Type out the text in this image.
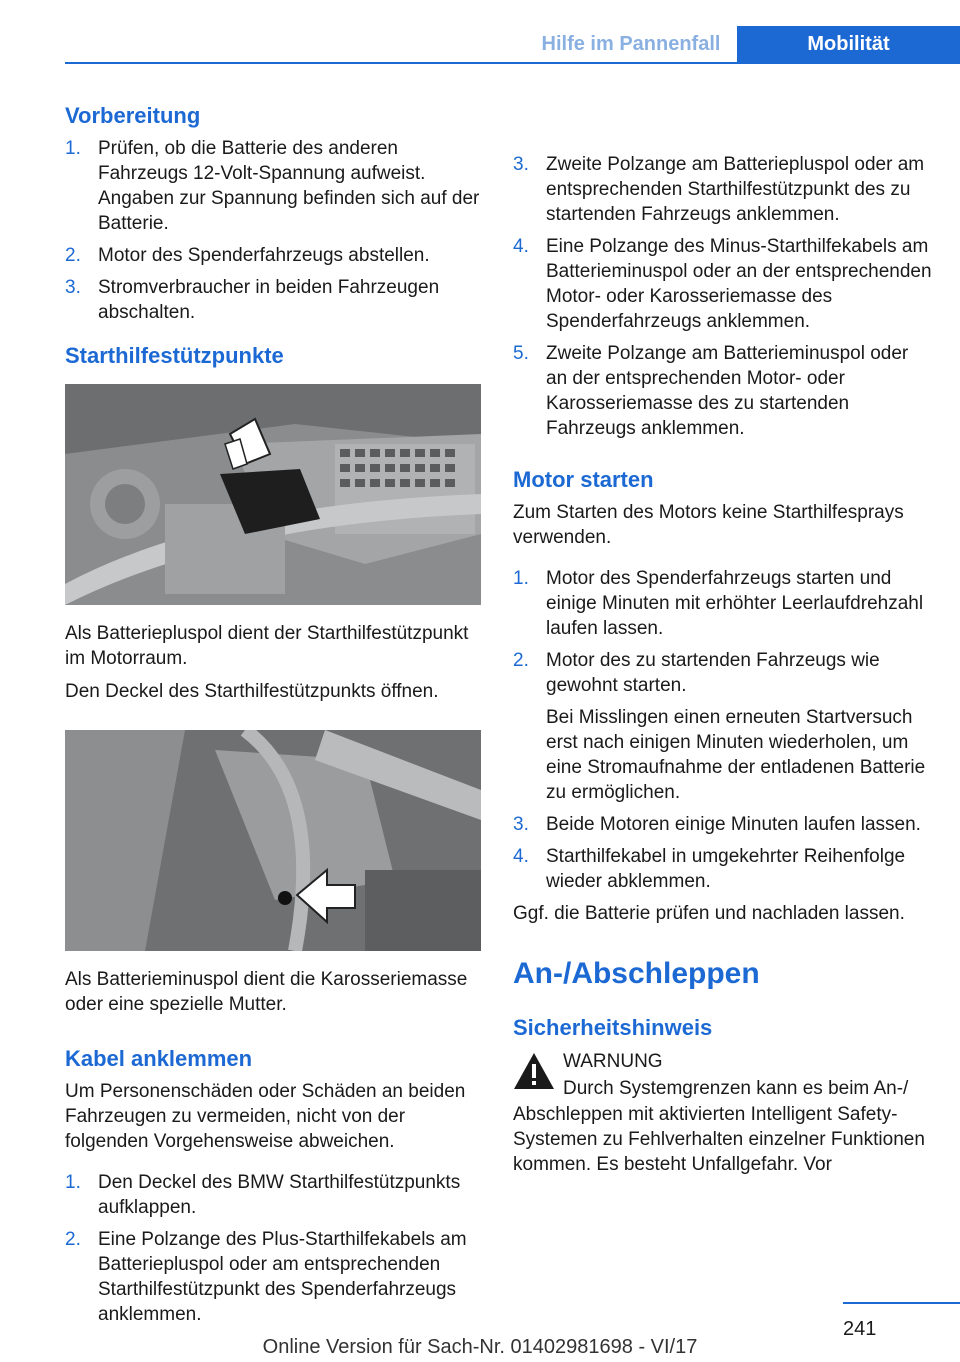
Hilfe im Pannenfall	Mobilität
Vorbereitung
1. Prüfen, ob die Batterie des anderen Fahrzeugs 12-Volt-Spannung aufweist. Angaben zur Spannung befinden sich auf der Batterie.
2. Motor des Spenderfahrzeugs abstellen.
3. Stromverbraucher in beiden Fahrzeugen abschalten.
Starthilfestützpunkte

Als Batteriepluspol dient der Starthilfestützpunkt im Motorraum.

Den Deckel des Starthilfestützpunkts öffnen.

Als Batterieminuspol dient die Karosseriemasse oder eine spezielle Mutter.

Kabel anklemmen

Um Personenschäden oder Schäden an beiden Fahrzeugen zu vermeiden, nicht von der folgenden Vorgehensweise abweichen.

1. Den Deckel des BMW Starthilfestützpunkts aufklappen.
2. Eine Polzange des Plus-Starthilfekabels am Batteriepluspol oder am entsprechenden Starthilfestützpunkt des Spenderfahrzeugs anklemmen.
3. Zweite Polzange am Batteriepluspol oder am entsprechenden Starthilfestützpunkt des zu startenden Fahrzeugs anklemmen.
4. Eine Polzange des Minus-Starthilfekabels am Batterieminuspol oder an der entsprechenden Motor- oder Karosseriemasse des Spenderfahrzeugs anklemmen.
5. Zweite Polzange am Batterieminuspol oder an der entsprechenden Motor- oder Karosseriemasse des zu startenden Fahrzeugs anklemmen.
Motor starten

Zum Starten des Motors keine Starthilfesprays verwenden.

1. Motor des Spenderfahrzeugs starten und einige Minuten mit erhöhter Leerlaufdrehzahl laufen lassen.
2. Motor des zu startenden Fahrzeugs wie gewohnt starten.
Bei Misslingen einen erneuten Startversuch erst nach einigen Minuten wiederholen, um eine Stromaufnahme der entladenen Batterie zu ermöglichen.
3. Beide Motoren einige Minuten laufen lassen.
4. Starthilfekabel in umgekehrter Reihenfolge wieder abklemmen.

Ggf. die Batterie prüfen und nachladen lassen.

An-/Abschleppen
Sicherheitshinweis
WARNUNG
Durch Systemgrenzen kann es beim An-/

Abschleppen mit aktivierten Intelligent Safety-Systemen zu Fehlverhalten einzelner Funktionen kommen. Es besteht Unfallgefahr. Vor

241
Online Version für Sach-Nr. 01402981698 - VI/17
